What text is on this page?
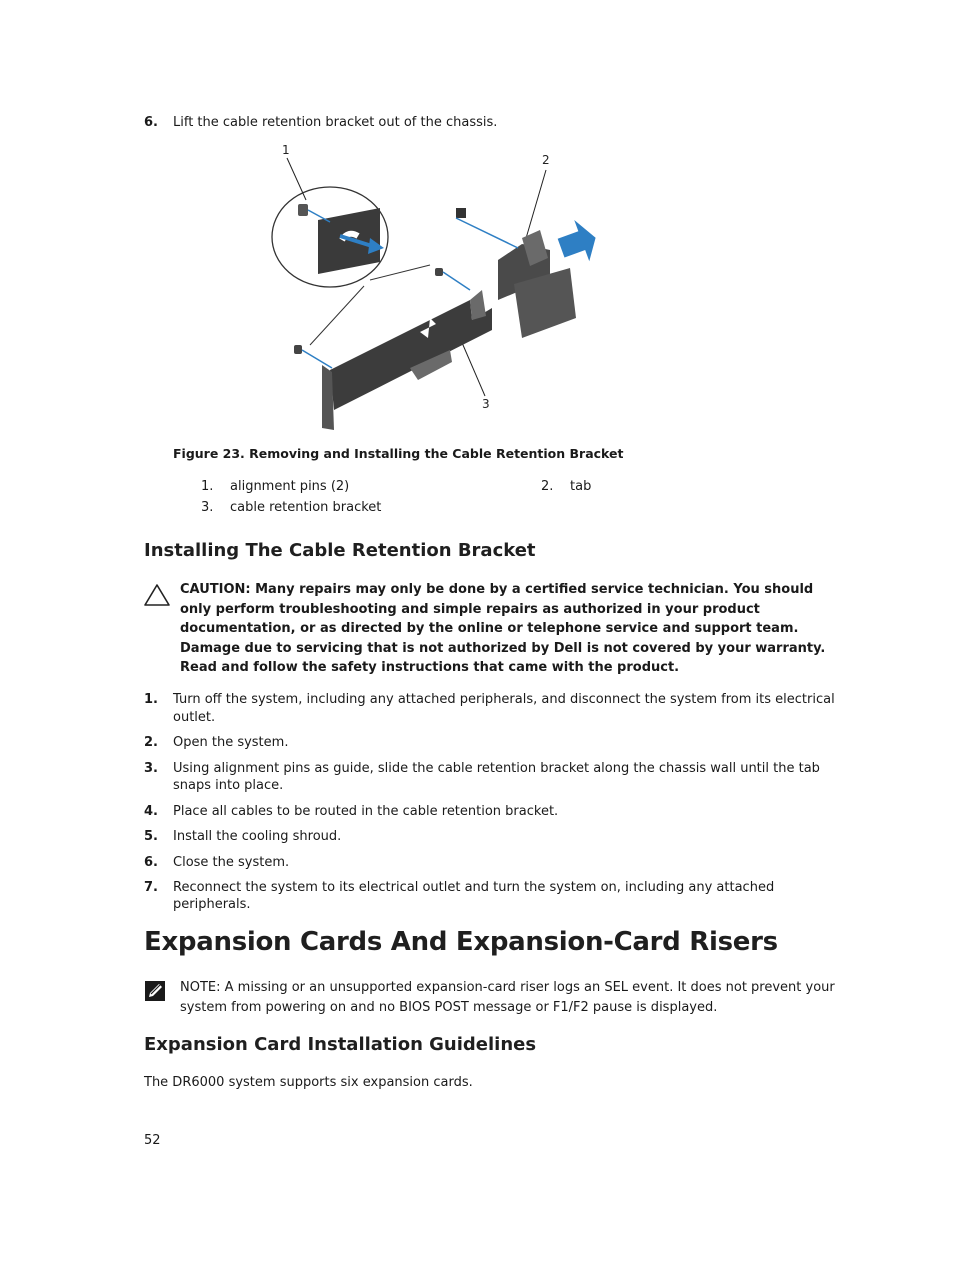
6. Lift the cable retention bracket out of the chassis.
1
2
3
Figure 23. Removing and Installing the Cable Retention Bracket
1. alignment pins (2)	2. tab
3. cable retention bracket
Installing The Cable Retention Bracket
CAUTION: Many repairs may only be done by a certified service technician. You should only perform troubleshooting and simple repairs as authorized in your product documentation, or as directed by the online or telephone service and support team. Damage due to servicing that is not authorized by Dell is not covered by your warranty. Read and follow the safety instructions that came with the product.
1. Turn off the system, including any attached peripherals, and disconnect the system from its electrical
outlet.
2. Open the system.
3. Using alignment pins as guide, slide the cable retention bracket along the chassis wall until the tab
snaps into place.
4. Place all cables to be routed in the cable retention bracket.
5. Install the cooling shroud.
6. Close the system.
7. Reconnect the system to its electrical outlet and turn the system on, including any attached
peripherals.
Expansion Cards And Expansion-Card Risers
NOTE: A missing or an unsupported expansion-card riser logs an SEL event. It does not prevent your system from powering on and no BIOS POST message or F1/F2 pause is displayed.
Expansion Card Installation Guidelines
The DR6000 system supports six expansion cards.
52
